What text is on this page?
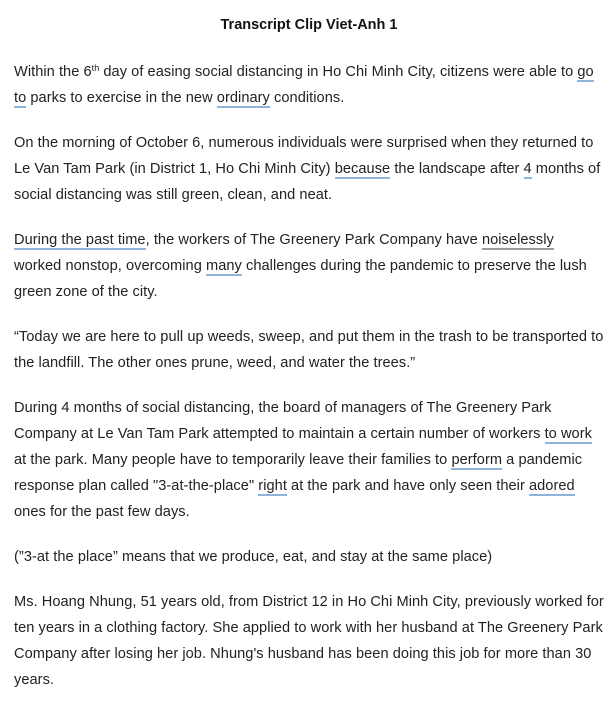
Transcript Clip Viet-Anh 1

Within the 6th day of easing social distancing in Ho Chi Minh City, citizens were able to go to parks to exercise in the new ordinary conditions.

On the morning of October 6, numerous individuals were surprised when they returned to Le Van Tam Park (in District 1, Ho Chi Minh City) because the landscape after 4 months of social distancing was still green, clean, and neat.

During the past time, the workers of The Greenery Park Company have noiselessly worked nonstop, overcoming many challenges during the pandemic to preserve the lush green zone of the city.

“Today we are here to pull up weeds, sweep, and put them in the trash to be transported to the landfill. The other ones prune, weed, and water the trees.”

During 4 months of social distancing, the board of managers of The Greenery Park Company at Le Van Tam Park attempted to maintain a certain number of workers to work at the park. Many people have to temporarily leave their families to perform a pandemic response plan called "3-at-the-place" right at the park and have only seen their adored ones for the past few days.

(”3-at the place” means that we produce, eat, and stay at the same place)

Ms. Hoang Nhung, 51 years old, from District 12 in Ho Chi Minh City, previously worked for ten years in a clothing factory. She applied to work with her husband at The Greenery Park Company after losing her job. Nhung's husband has been doing this job for more than 30 years.
